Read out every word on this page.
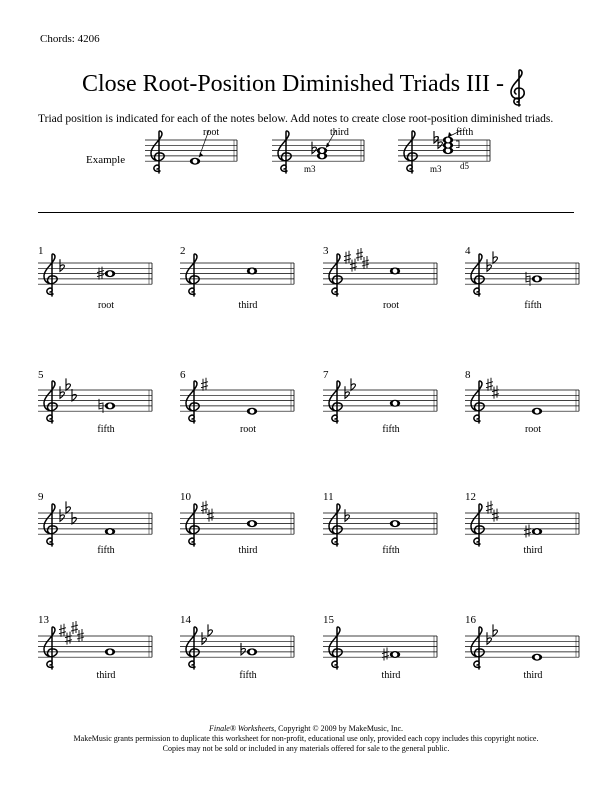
Chords: 4206
Close Root-Position Diminished Triads III -
Triad position is indicated for each of the notes below. Add notes to create close root-position diminished triads.
Example
root	third
m3
fifth
m3 d5
1
root
2
third
3
root
4
fifth
5
fifth
6
root
7
fifth
8
root
9
fifth
10
third
11
fifth
12
third
13
third
14
fifth
15
third
16
third
Finale® Worksheets, Copyright © 2009 by MakeMusic, Inc.
MakeMusic grants permission to duplicate this worksheet for non-profit, educational use only, provided each copy includes this copyright notice.
Copies may not be sold or included in any materials offered for sale to the general public.
